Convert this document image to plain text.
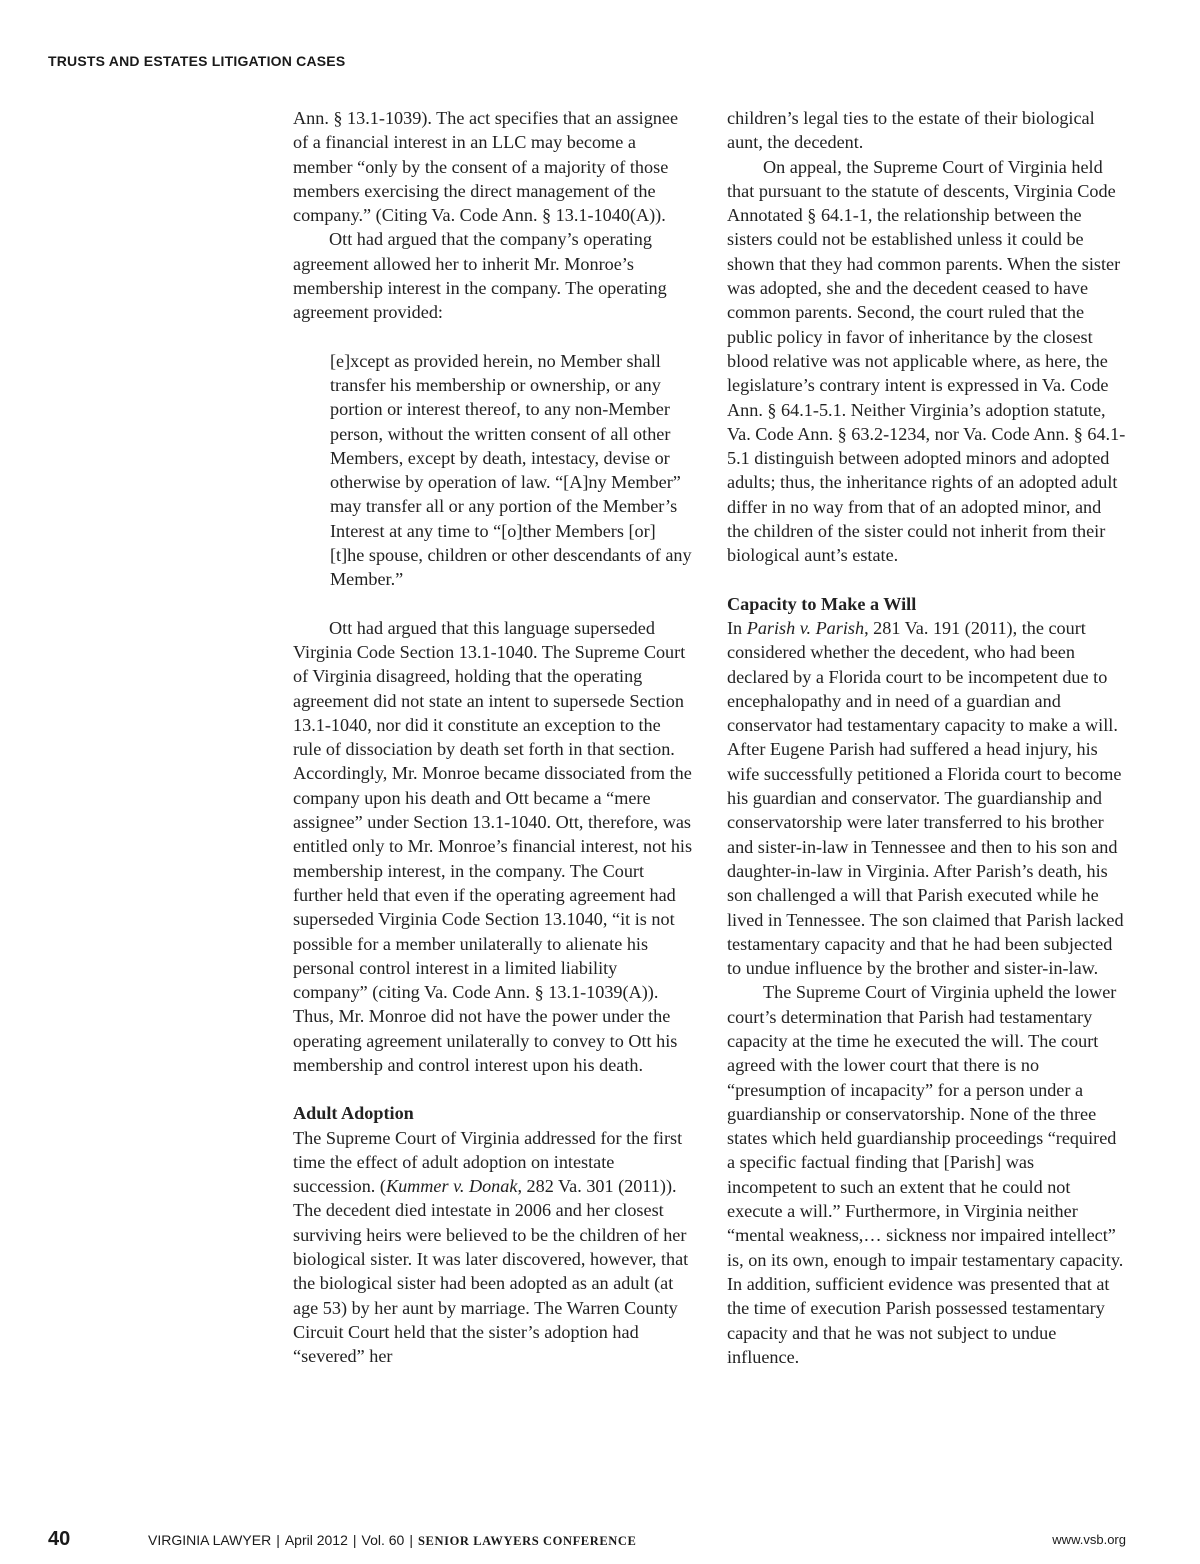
TRUSTS AND ESTATES LITIGATION CASES

Ann. § 13.1-1039). The act specifies that an assignee of a financial interest in an LLC may become a member “only by the consent of a majority of those members exercising the direct management of the company.” (Citing Va. Code Ann. § 13.1-1040(A)).

Ott had argued that the company’s operating agreement allowed her to inherit Mr. Monroe’s membership interest in the company. The operating agreement provided:

[e]xcept as provided herein, no Member shall transfer his membership or ownership, or any portion or interest thereof, to any non-Member person, without the written consent of all other Members, except by death, intestacy, devise or otherwise by operation of law. “[A]ny Member” may transfer all or any portion of the Member’s Interest at any time to “[o]ther Members [or] [t]he spouse, children or other descendants of any Member.”

Ott had argued that this language superseded Virginia Code Section 13.1-1040. The Supreme Court of Virginia disagreed, holding that the operating agreement did not state an intent to supersede Section 13.1-1040, nor did it constitute an exception to the rule of dissociation by death set forth in that section. Accordingly, Mr. Monroe became dissociated from the company upon his death and Ott became a “mere assignee” under Section 13.1-1040. Ott, therefore, was entitled only to Mr. Monroe’s financial interest, not his membership interest, in the company. The Court further held that even if the operating agreement had superseded Virginia Code Section 13.1040, “it is not possible for a member unilaterally to alienate his personal control interest in a limited liability company” (citing Va. Code Ann. § 13.1-1039(A)). Thus, Mr. Monroe did not have the power under the operating agreement unilaterally to convey to Ott his membership and control interest upon his death.

Adult Adoption

The Supreme Court of Virginia addressed for the first time the effect of adult adoption on intestate succession. (Kummer v. Donak, 282 Va. 301 (2011)). The decedent died intestate in 2006 and her closest surviving heirs were believed to be the children of her biological sister. It was later discovered, however, that the biological sister had been adopted as an adult (at age 53) by her aunt by marriage. The Warren County Circuit Court held that the sister’s adoption had “severed” her

children’s legal ties to the estate of their biological aunt, the decedent.

On appeal, the Supreme Court of Virginia held that pursuant to the statute of descents, Virginia Code Annotated § 64.1-1, the relationship between the sisters could not be established unless it could be shown that they had common parents. When the sister was adopted, she and the decedent ceased to have common parents. Second, the court ruled that the public policy in favor of inheritance by the closest blood relative was not applicable where, as here, the legislature’s contrary intent is expressed in Va. Code Ann. § 64.1-5.1. Neither Virginia’s adoption statute, Va. Code Ann. § 63.2-1234, nor Va. Code Ann. § 64.1-5.1 distinguish between adopted minors and adopted adults; thus, the inheritance rights of an adopted adult differ in no way from that of an adopted minor, and the children of the sister could not inherit from their biological aunt’s estate.

Capacity to Make a Will

In Parish v. Parish, 281 Va. 191 (2011), the court considered whether the decedent, who had been declared by a Florida court to be incompetent due to encephalopathy and in need of a guardian and conservator had testamentary capacity to make a will. After Eugene Parish had suffered a head injury, his wife successfully petitioned a Florida court to become his guardian and conservator. The guardianship and conservatorship were later transferred to his brother and sister-in-law in Tennessee and then to his son and daughter-in-law in Virginia. After Parish’s death, his son challenged a will that Parish executed while he lived in Tennessee. The son claimed that Parish lacked testamentary capacity and that he had been subjected to undue influence by the brother and sister-in-law.

The Supreme Court of Virginia upheld the lower court’s determination that Parish had testamentary capacity at the time he executed the will. The court agreed with the lower court that there is no “presumption of incapacity” for a person under a guardianship or conservatorship. None of the three states which held guardianship proceedings “required a specific factual finding that [Parish] was incompetent to such an extent that he could not execute a will.” Furthermore, in Virginia neither “mental weakness,… sickness nor impaired intellect” is, on its own, enough to impair testamentary capacity. In addition, sufficient evidence was presented that at the time of execution Parish possessed testamentary capacity and that he was not subject to undue influence.

40	VIRGINIA LAWYER | April 2012 | Vol. 60 | SENIOR LAWYERS CONFERENCE	www.vsb.org
